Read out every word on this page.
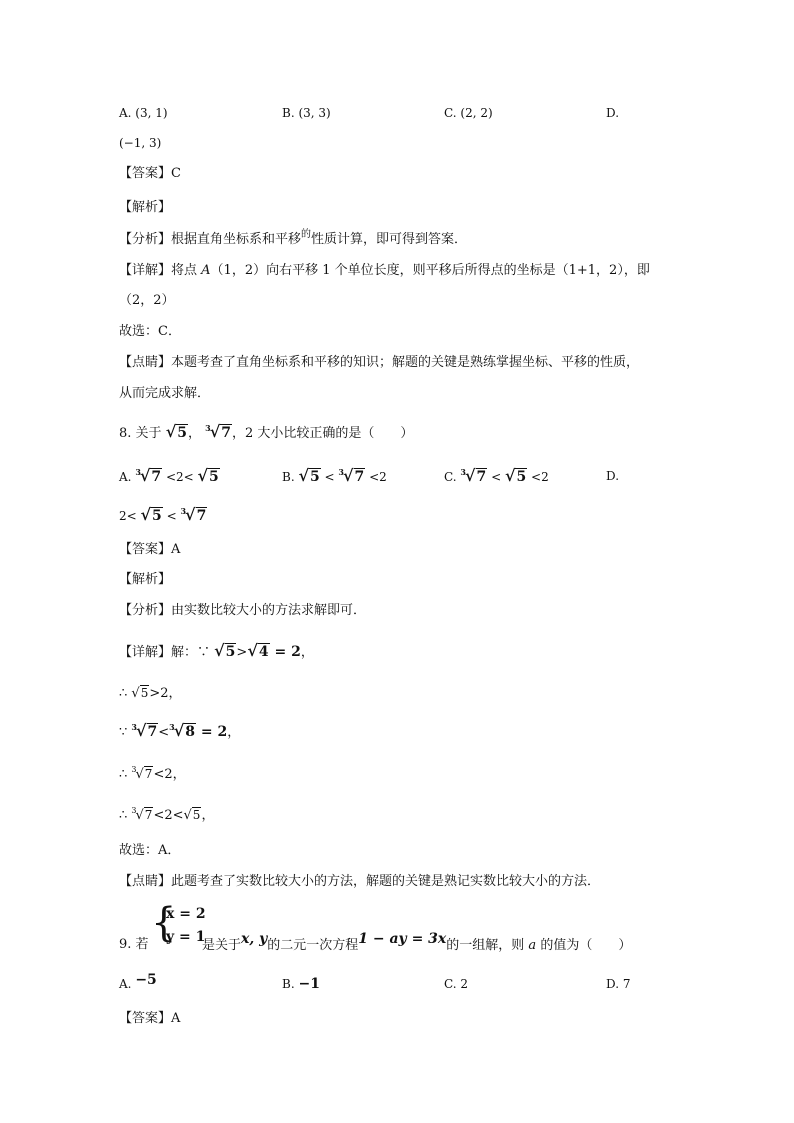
A. (3, 1)	B. (3, 3)	C. (2, 2)	D.
(−1, 3)
【答案】C
【解析】
【分析】根据直角坐标系和平移$^的$性质计算，即可得到答案．
【详解】将点 A（1，2）向右平移 1 个单位长度，则平移后所得点的坐标是（1+1，2），即
（2，2）
故选：C．
【点睛】本题考查了直角坐标系和平移的知识；解题的关键是熟练掌握坐标、平移的性质，
从而完成求解．
8. 关于 √5， $^3$√7，2 大小比较正确的是（　　）
A. $^3$√7 <2< √5	B. √5 < $^3$√7 <2	C. $^3$√7 < √5 <2	D.
2< √5 < $^3$√7
【答案】A
【解析】
【分析】由实数比较大小的方法求解即可．
【详解】解：∵ √5>√4 = 2，
∴ √5>2，
∵ $^3$√7<$^3$√8 = 2，
∴ $^3$√7<2，
∴ $^3$√7<2<√5，
故选：A．
【点睛】此题考查了实数比较大小的方法，解题的关键是熟记实数比较大小的方法．
{
x = 2
y = 1
9. 若	是关于x, y的二元一次方程1 − ay = 3x的一组解，则 a 的值为（　　）
A. −5	B. −1	C. 2	D. 7
【答案】A
